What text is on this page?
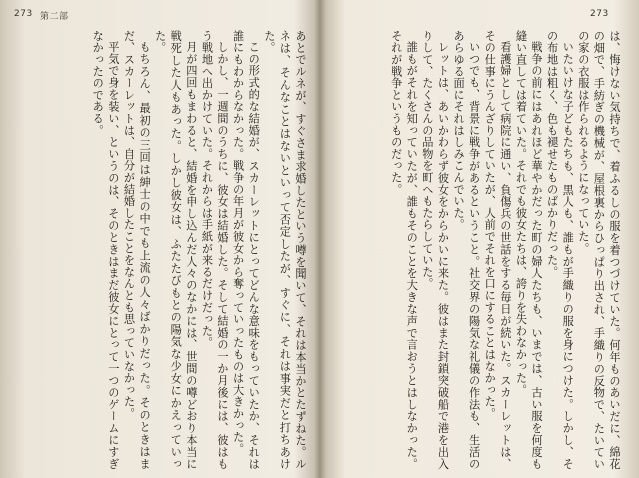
273 第二部

あとでルネが、すぐさま求婚したという噂を聞いて、それは本当かとたずねた。ルネは、そんなことはないといって否定したが、すぐに、それは事実だと打ちあけた。

この形式的な結婚が、スカーレットにとってどんな意味をもっていたか、それは誰にもわからなかった。戦争の年月が彼女から奪っていったものは大きかった。

しかし、一週間のうちに、彼女は結婚した。そして結婚の一か月後には、彼はもう戦地へ出かけていた。それからは手紙が来るだけだった。

月が四回もまわると、結婚を申し込んだ人々のなかには、世間の噂どおり本当に戦死した人もあった。しかし彼女は、ふたたびもとの陽気な少女にかえっていった。

もちろん、最初の三回は紳士の中でも上流の人々ばかりだった。そのときはまだ、スカーレットは、自分が結婚したことをなんとも思っていなかった。

平気で身を装い、というのは、そのときはまだ彼女にとって一つのゲームにすぎなかったのである。

273

は、悔けない気持ちで、着ふるしの服を着つづけていた。何年ものあいだに、綿花の畑で、手紡ぎの機械が、屋根裏からひっぱり出され、手織りの反物で、たいていの家の衣服は作られるようになっていた。

いたいけな子どもたちも、黒人も、誰もが手織りの服を身につけた。しかし、その布地は粗く、色も褪せたものばかりだった。

戦争の前にはあれほど華やかだった町の婦人たちも、いまでは、古い服を何度も縫い直しては着ていた。それでも彼女たちは、誇りを失わなかった。

看護婦として病院に通い、負傷兵の世話をする毎日が続いた。スカーレットは、その仕事にうんざりしていたが、人前でそれを口にすることはなかった。

いつでも、背景に戦争があるということ。社交界の陽気な礼儀の作法も、生活のあらゆる面にそれはしみこんでいた。

レットは、あいかわらず彼女をからかいに来た。彼はまた封鎖突破船で港を出入りして、たくさんの品物を町へもたらしていた。

誰もがそれを知っていたが、誰もそのことを大きな声で言おうとはしなかった。それが戦争というものだった。
